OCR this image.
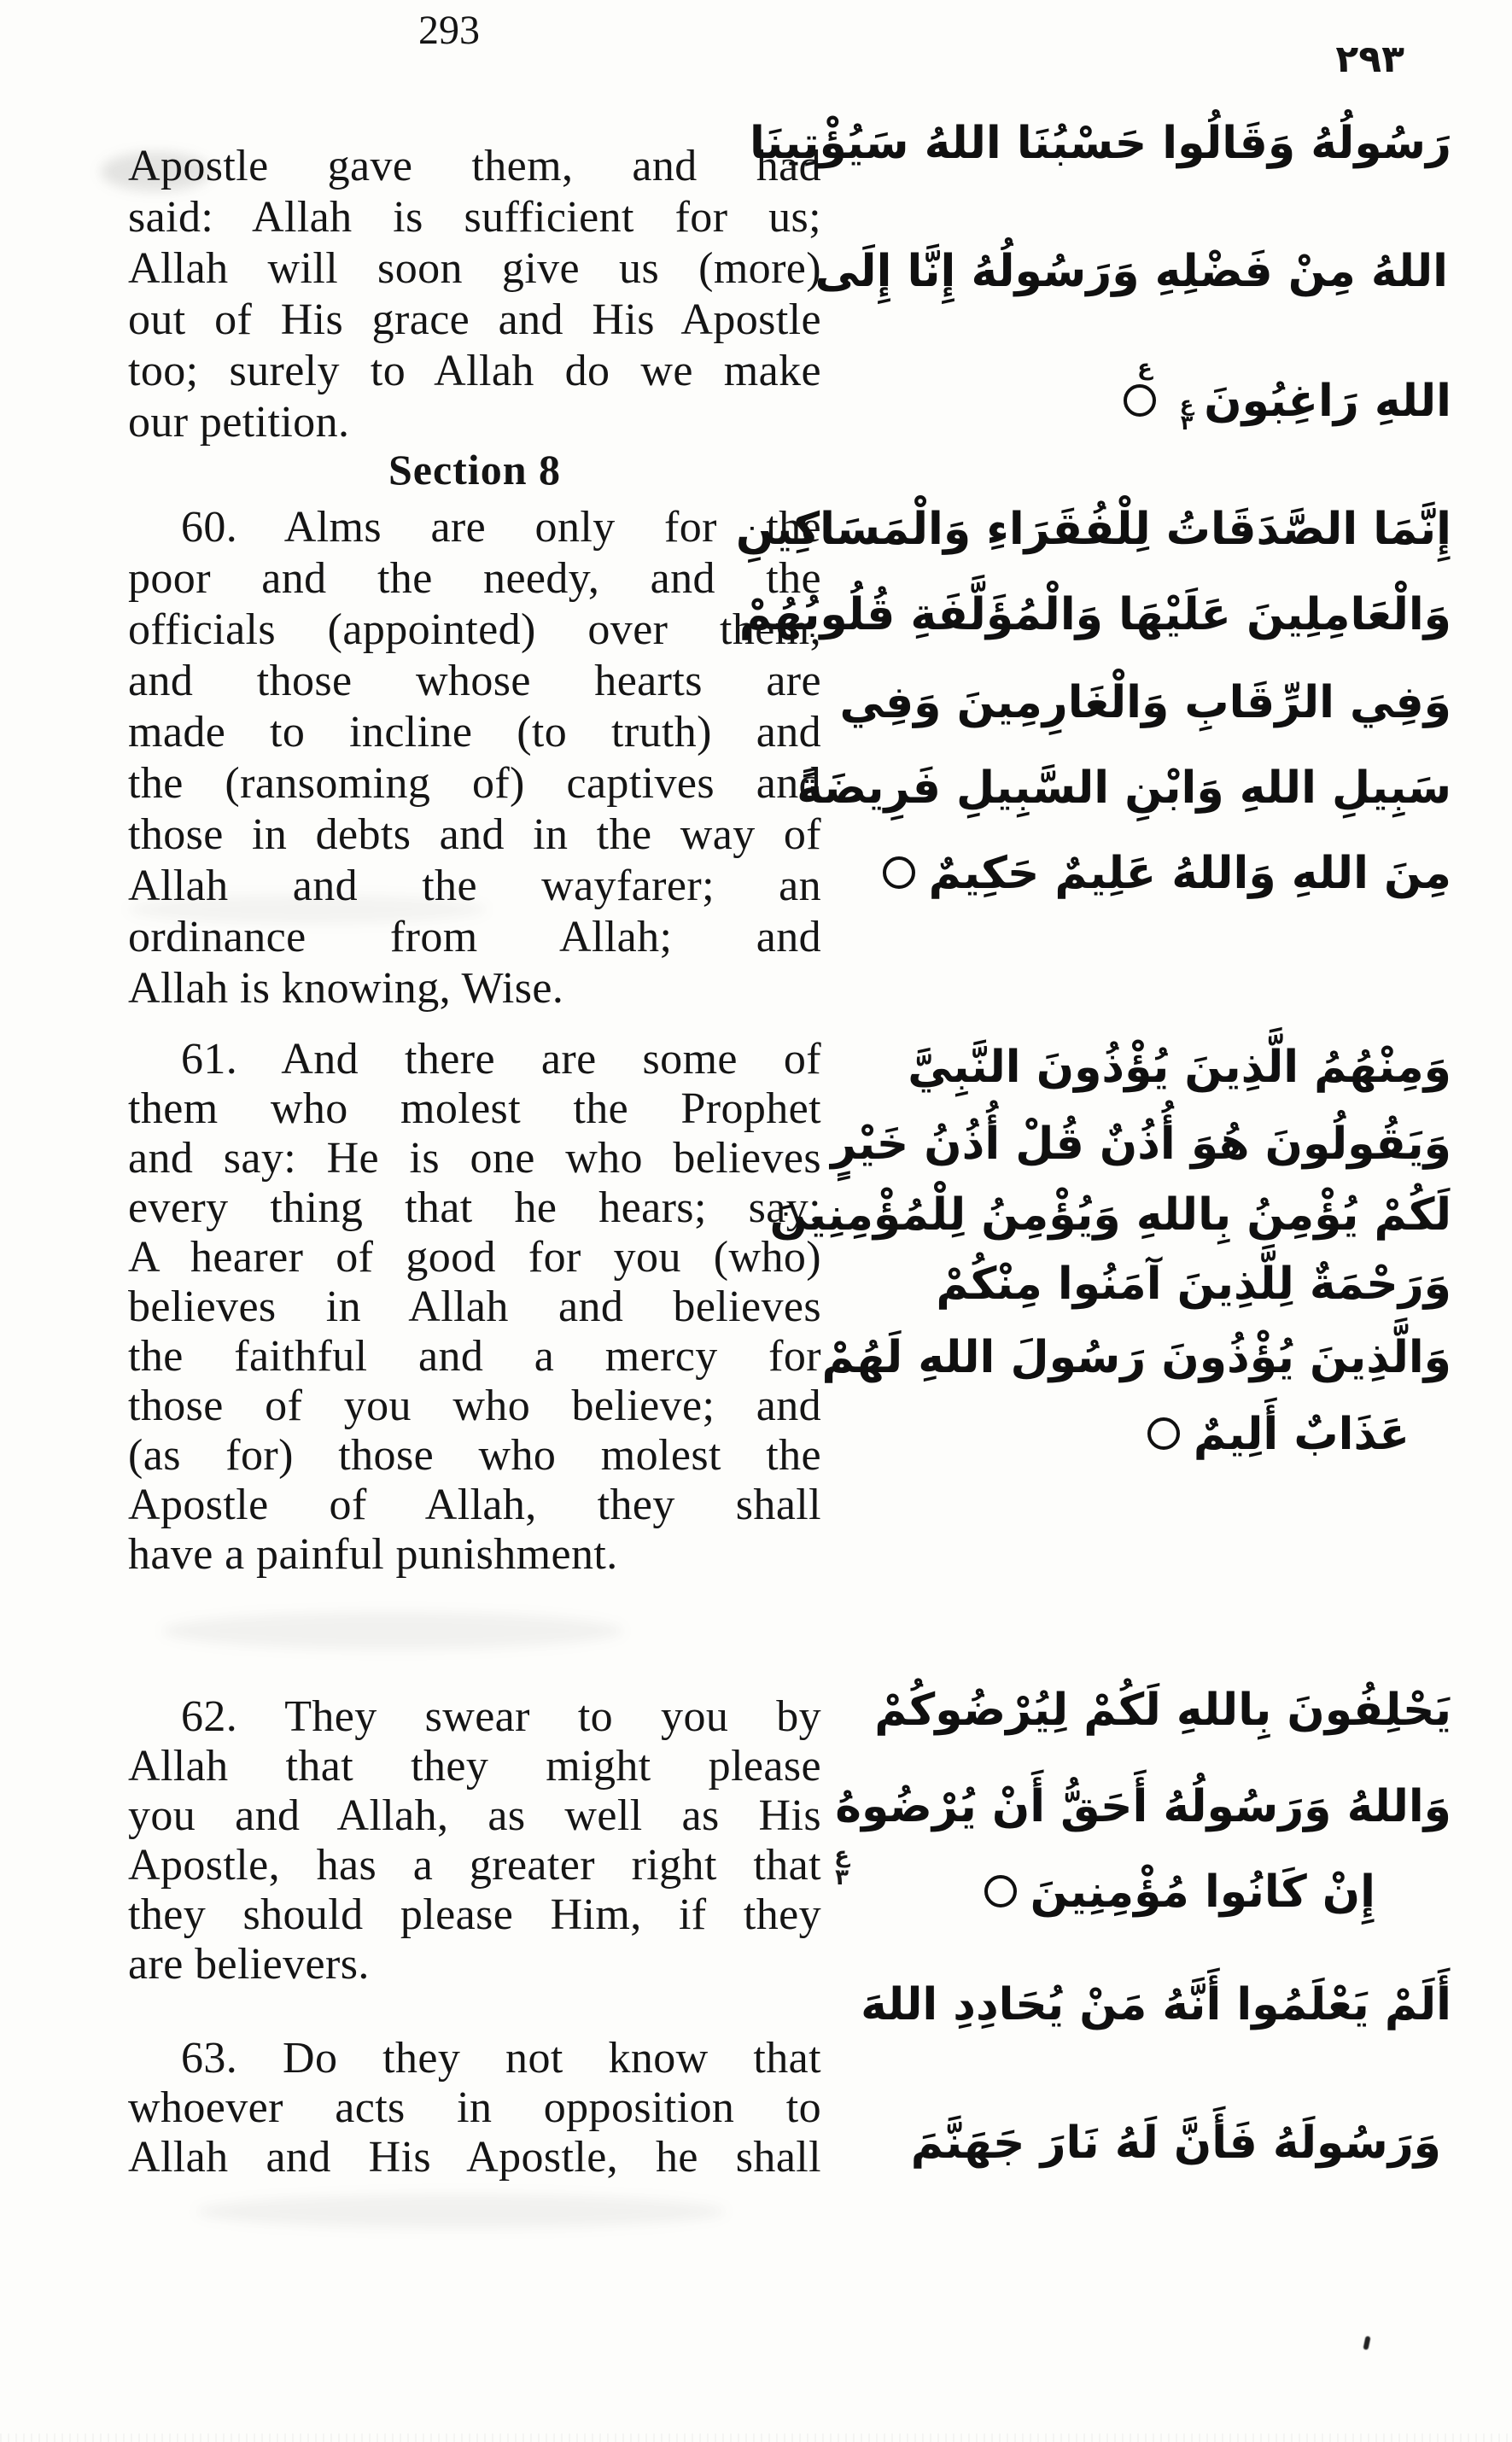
293
٢٩٣
Apostle gave them, and had
said: Allah is sufficient for us;
Allah will soon give us (more)
out of His grace and His Apostle
too; surely to Allah do we make
our petition.
Section 8
60. Alms are only for the
poor and the needy, and the
officials (appointed) over them,
and those whose hearts are
made to incline (to truth) and
the (ransoming of) captives and
those in debts and in the way of
Allah and the wayfarer; an
ordinance from Allah; and
Allah is knowing, Wise.
61. And there are some of
them who molest the Prophet
and say: He is one who believes
every thing that he hears; say:
A hearer of good for you (who)
believes in Allah and believes
the faithful and a mercy for
those of you who believe; and
(as for) those who molest the
Apostle of Allah, they shall
have a painful punishment.
62. They swear to you by
Allah that they might please
you and Allah, as well as His
Apostle, has a greater right that
they should please Him, if they
are believers.
63. Do they not know that
whoever acts in opposition to
Allah and His Apostle, he shall
رَسُولُهُ وَقَالُوا حَسْبُنَا اللهُ سَيُؤْتِينَا
اللهُ مِنْ فَضْلِهِ وَرَسُولُهُ إِنَّا إِلَى
اللهِ رَاغِبُونَ
ع
٣
ع
إِنَّمَا الصَّدَقَاتُ لِلْفُقَرَاءِ وَالْمَسَاكِينِ
وَالْعَامِلِينَ عَلَيْهَا وَالْمُؤَلَّفَةِ قُلُوبُهُمْ
وَفِي الرِّقَابِ وَالْغَارِمِينَ وَفِي
سَبِيلِ اللهِ وَابْنِ السَّبِيلِ فَرِيضَةً
مِنَ اللهِ وَاللهُ عَلِيمٌ حَكِيمٌ
وَمِنْهُمُ الَّذِينَ يُؤْذُونَ النَّبِيَّ
وَيَقُولُونَ هُوَ أُذُنٌ قُلْ أُذُنُ خَيْرٍ
لَكُمْ يُؤْمِنُ بِاللهِ وَيُؤْمِنُ لِلْمُؤْمِنِينَ
وَرَحْمَةٌ لِلَّذِينَ آمَنُوا مِنْكُمْ
وَالَّذِينَ يُؤْذُونَ رَسُولَ اللهِ لَهُمْ
عَذَابٌ أَلِيمٌ
يَحْلِفُونَ بِاللهِ لَكُمْ لِيُرْضُوكُمْ
وَاللهُ وَرَسُولُهُ أَحَقُّ أَنْ يُرْضُوهُ
إِنْ كَانُوا مُؤْمِنِينَ
ع
٣
أَلَمْ يَعْلَمُوا أَنَّهُ مَنْ يُحَادِدِ اللهَ
وَرَسُولَهُ فَأَنَّ لَهُ نَارَ جَهَنَّمَ
